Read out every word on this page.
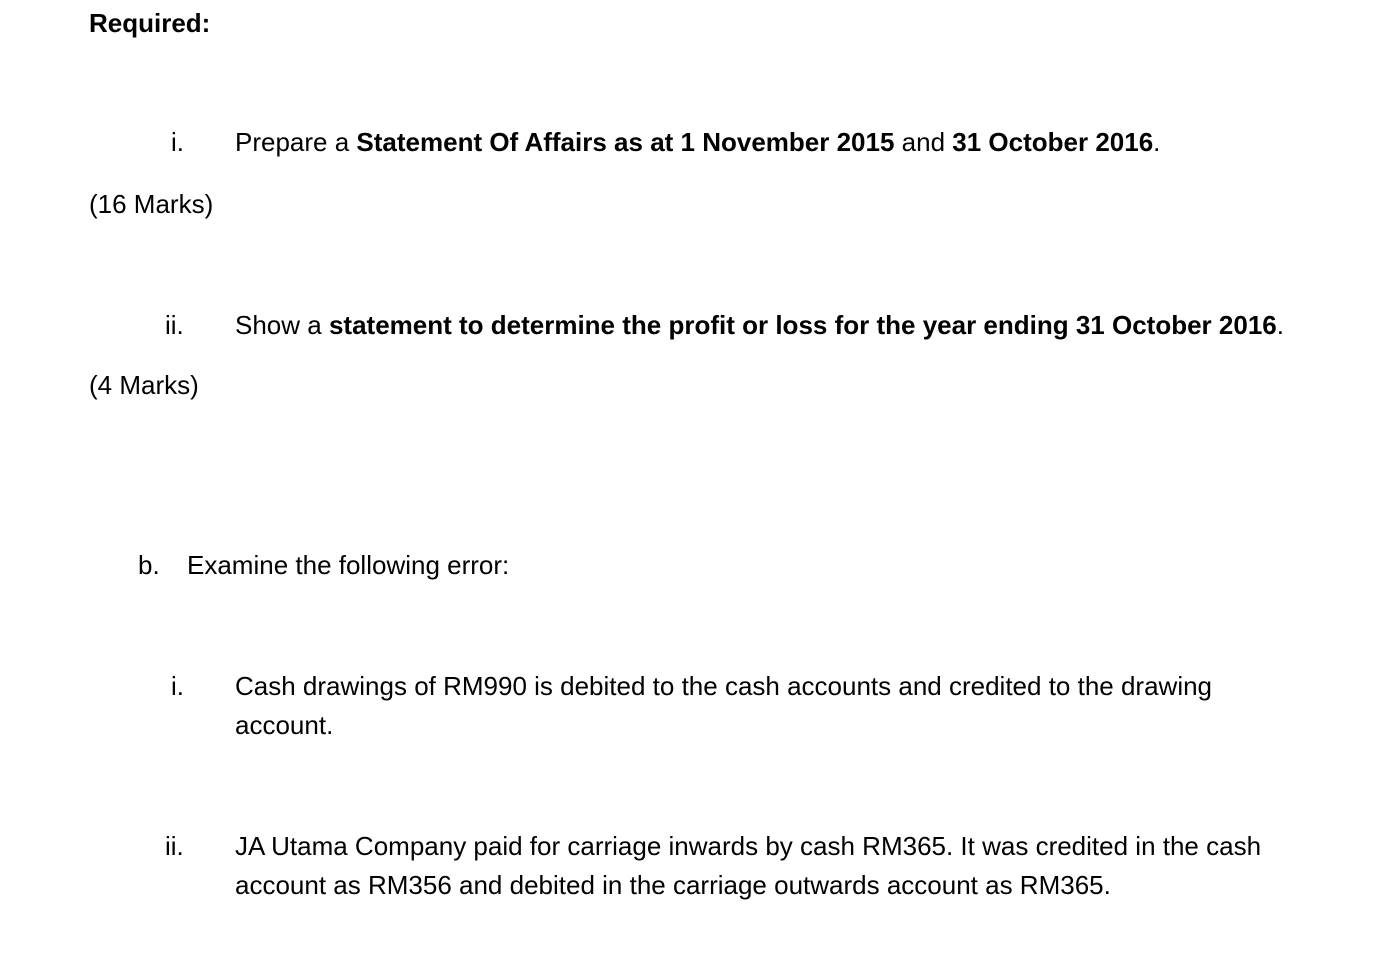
Required:
i. Prepare a Statement Of Affairs as at 1 November 2015 and 31 October 2016.
(16 Marks)
ii. Show a statement to determine the profit or loss for the year ending 31 October 2016.
(4 Marks)
b. Examine the following error:
i. Cash drawings of RM990 is debited to the cash accounts and credited to the drawing account.
ii. JA Utama Company paid for carriage inwards by cash RM365. It was credited in the cash account as RM356 and debited in the carriage outwards account as RM365.
